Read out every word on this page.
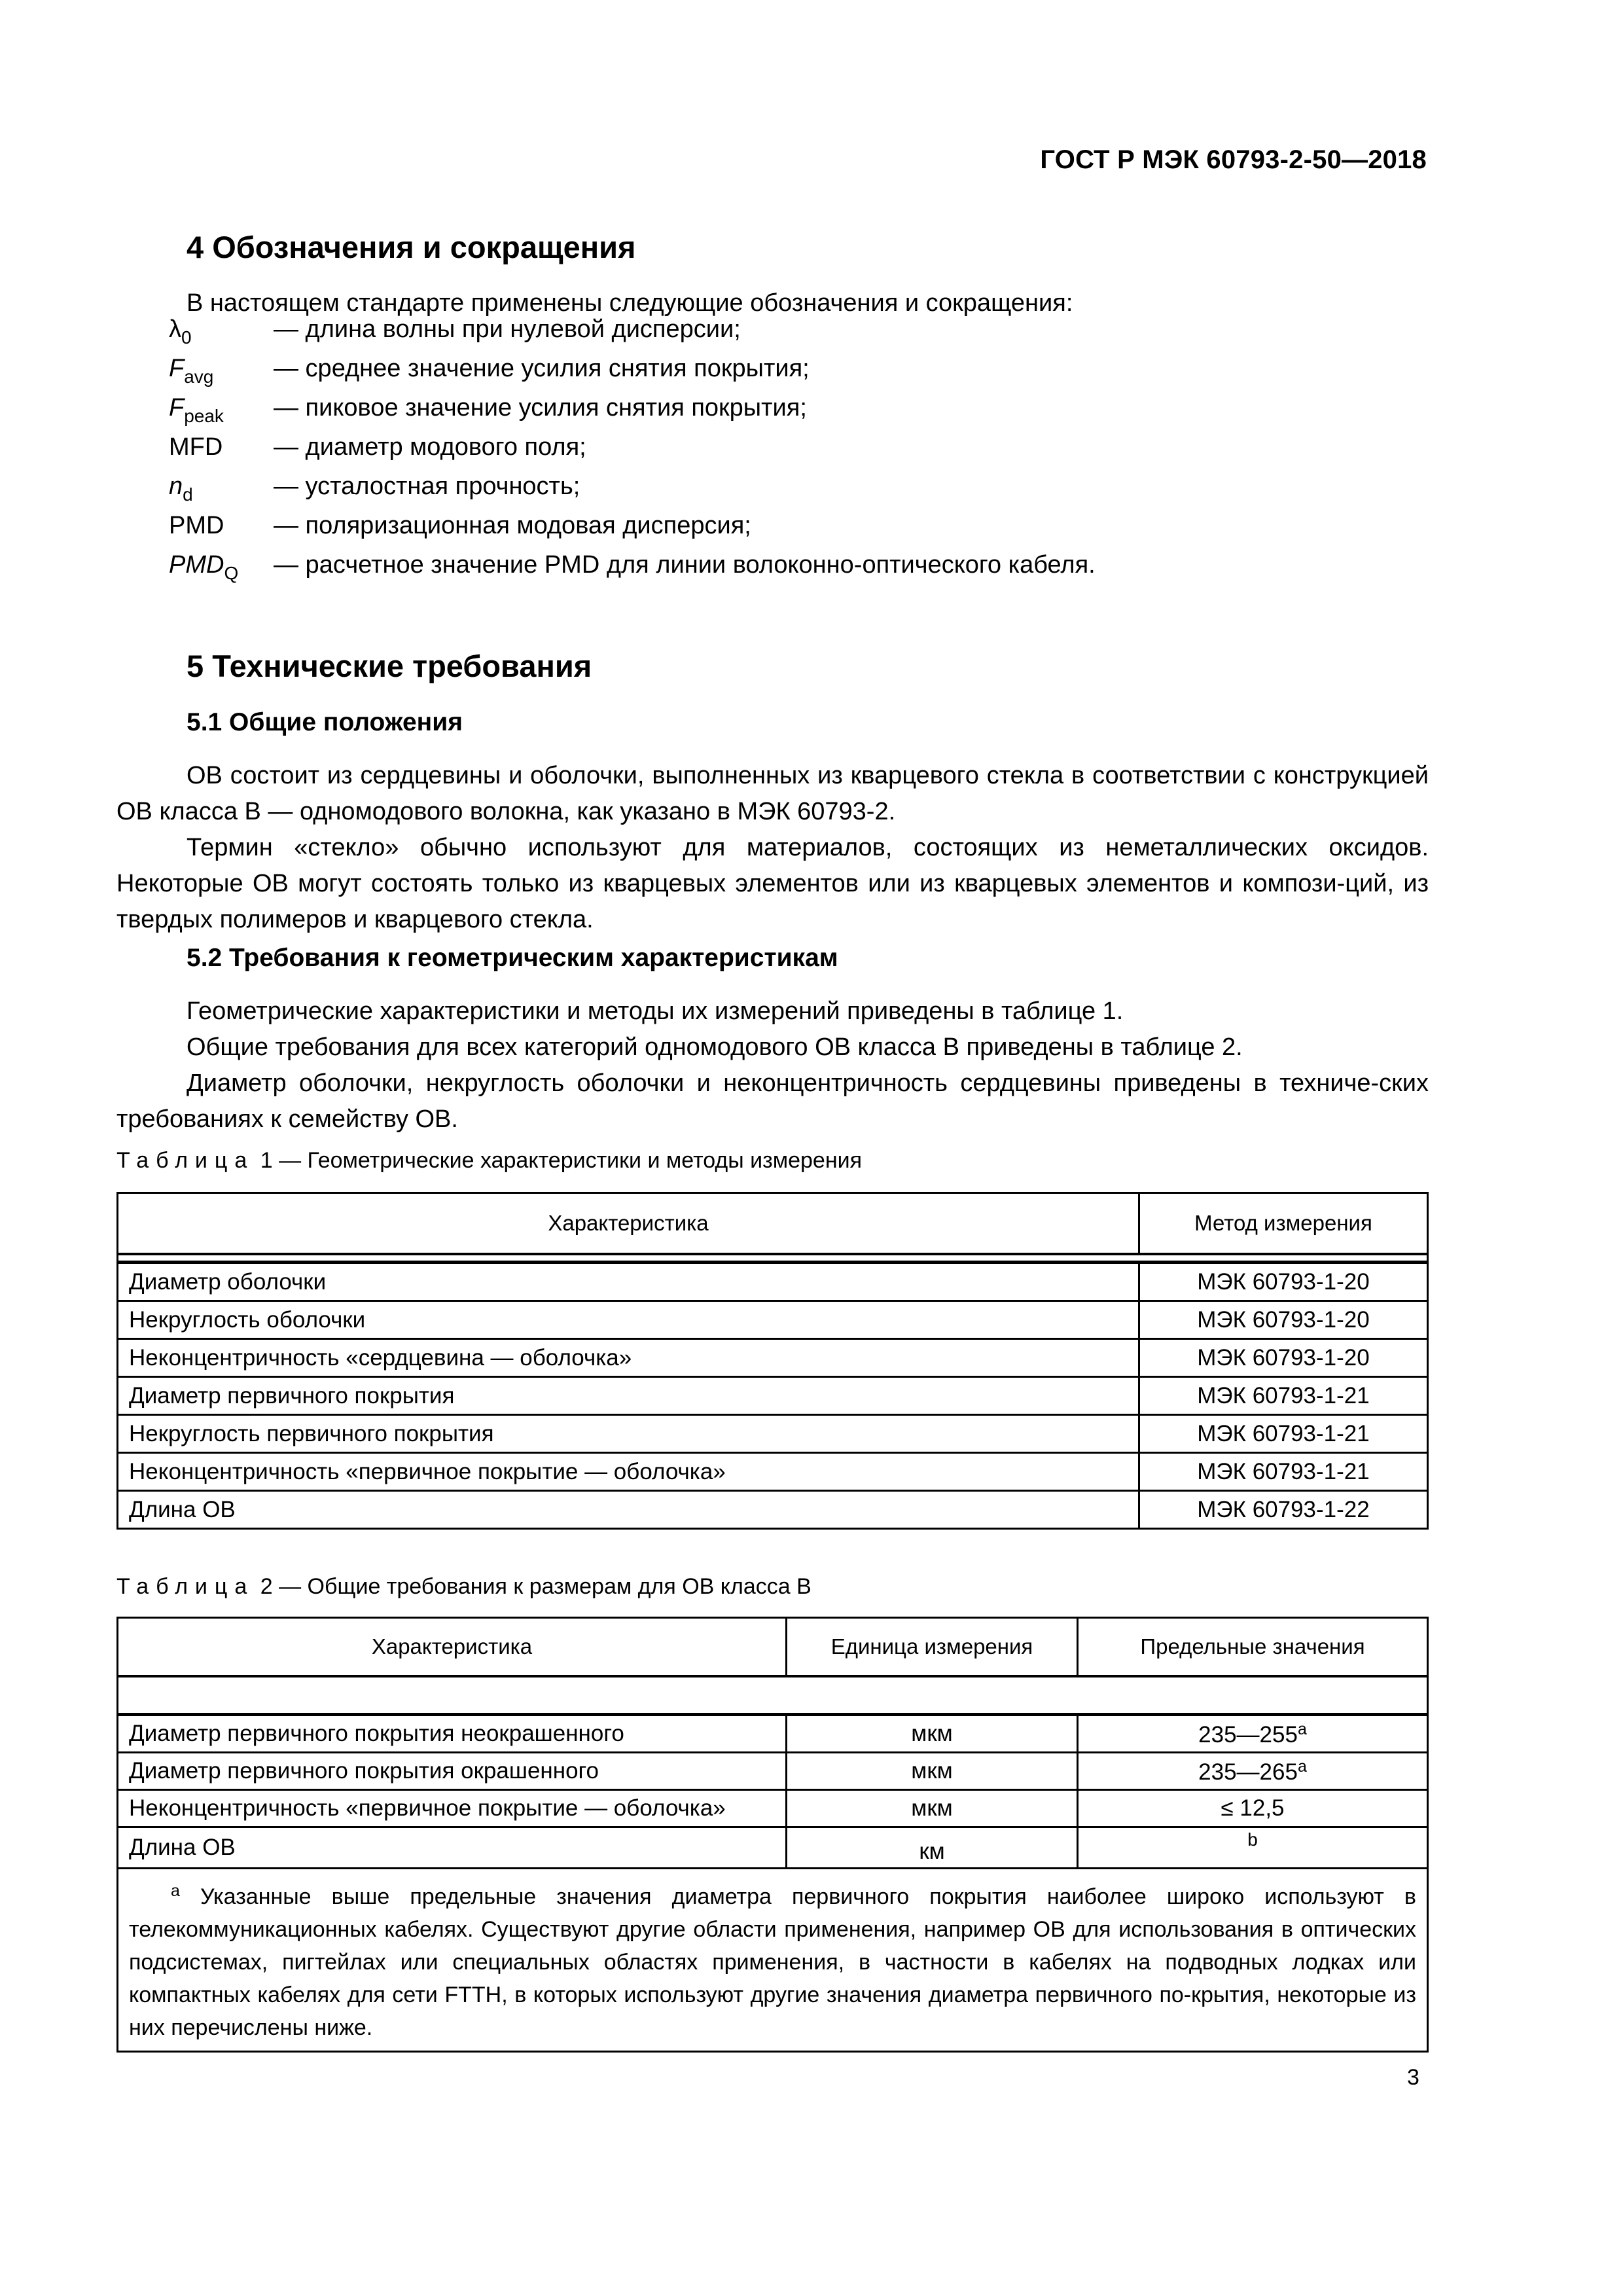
ГОСТ Р МЭК 60793-2-50—2018
4 Обозначения и сокращения
В настоящем стандарте применены следующие обозначения и сокращения:
$\lambda_0$	— длина волны при нулевой дисперсии;
$F_{avg}$	— среднее значение усилия снятия покрытия;
$F_{peak}$	— пиковое значение усилия снятия покрытия;
MFD	— диаметр модового поля;
$n_d$	— усталостная прочность;
PMD	— поляризационная модовая дисперсия;
$PMD_Q$	— расчетное значение PMD для линии волоконно-оптического кабеля.
5 Технические требования
5.1 Общие положения
ОВ состоит из сердцевины и оболочки, выполненных из кварцевого стекла в соответствии с конструкцией ОВ класса В — одномодового волокна, как указано в МЭК 60793-2.
Термин «стекло» обычно используют для материалов, состоящих из неметаллических оксидов. Некоторые ОВ могут состоять только из кварцевых элементов или из кварцевых элементов и компози-ций, из твердых полимеров и кварцевого стекла.
5.2 Требования к геометрическим характеристикам
Геометрические характеристики и методы их измерений приведены в таблице 1.
Общие требования для всех категорий одномодового ОВ класса В приведены в таблице 2.
Диаметр оболочки, некруглость оболочки и неконцентричность сердцевины приведены в техниче-ских требованиях к семейству ОВ.
Таблица 1 — Геометрические характеристики и методы измерения
Характеристика	Метод измерения

Диаметр оболочки	МЭК 60793-1-20
Некруглость оболочки	МЭК 60793-1-20
Неконцентричность «сердцевина — оболочка»	МЭК 60793-1-20
Диаметр первичного покрытия	МЭК 60793-1-21
Некруглость первичного покрытия	МЭК 60793-1-21
Неконцентричность «первичное покрытие — оболочка»	МЭК 60793-1-21
Длина ОВ	МЭК 60793-1-22
Таблица 2 — Общие требования к размерам для ОВ класса В
Характеристика	Единица измерения	Предельные значения

Диаметр первичного покрытия неокрашенного	мкм	235—255$^a$
Диаметр первичного покрытия окрашенного	мкм	235—265$^a$
Неконцентричность «первичное покрытие — оболочка»	мкм	≤ 12,5
Длина ОВ	км	b
$^a$ Указанные выше предельные значения диаметра первичного покрытия наиболее широко используют в телекоммуникационных кабелях. Существуют другие области применения, например ОВ для использования в оптических подсистемах, пигтейлах или специальных областях применения, в частности в кабелях на подводных лодках или компактных кабелях для сети FTTH, в которых используют другие значения диаметра первичного по-крытия, некоторые из них перечислены ниже.		
3
